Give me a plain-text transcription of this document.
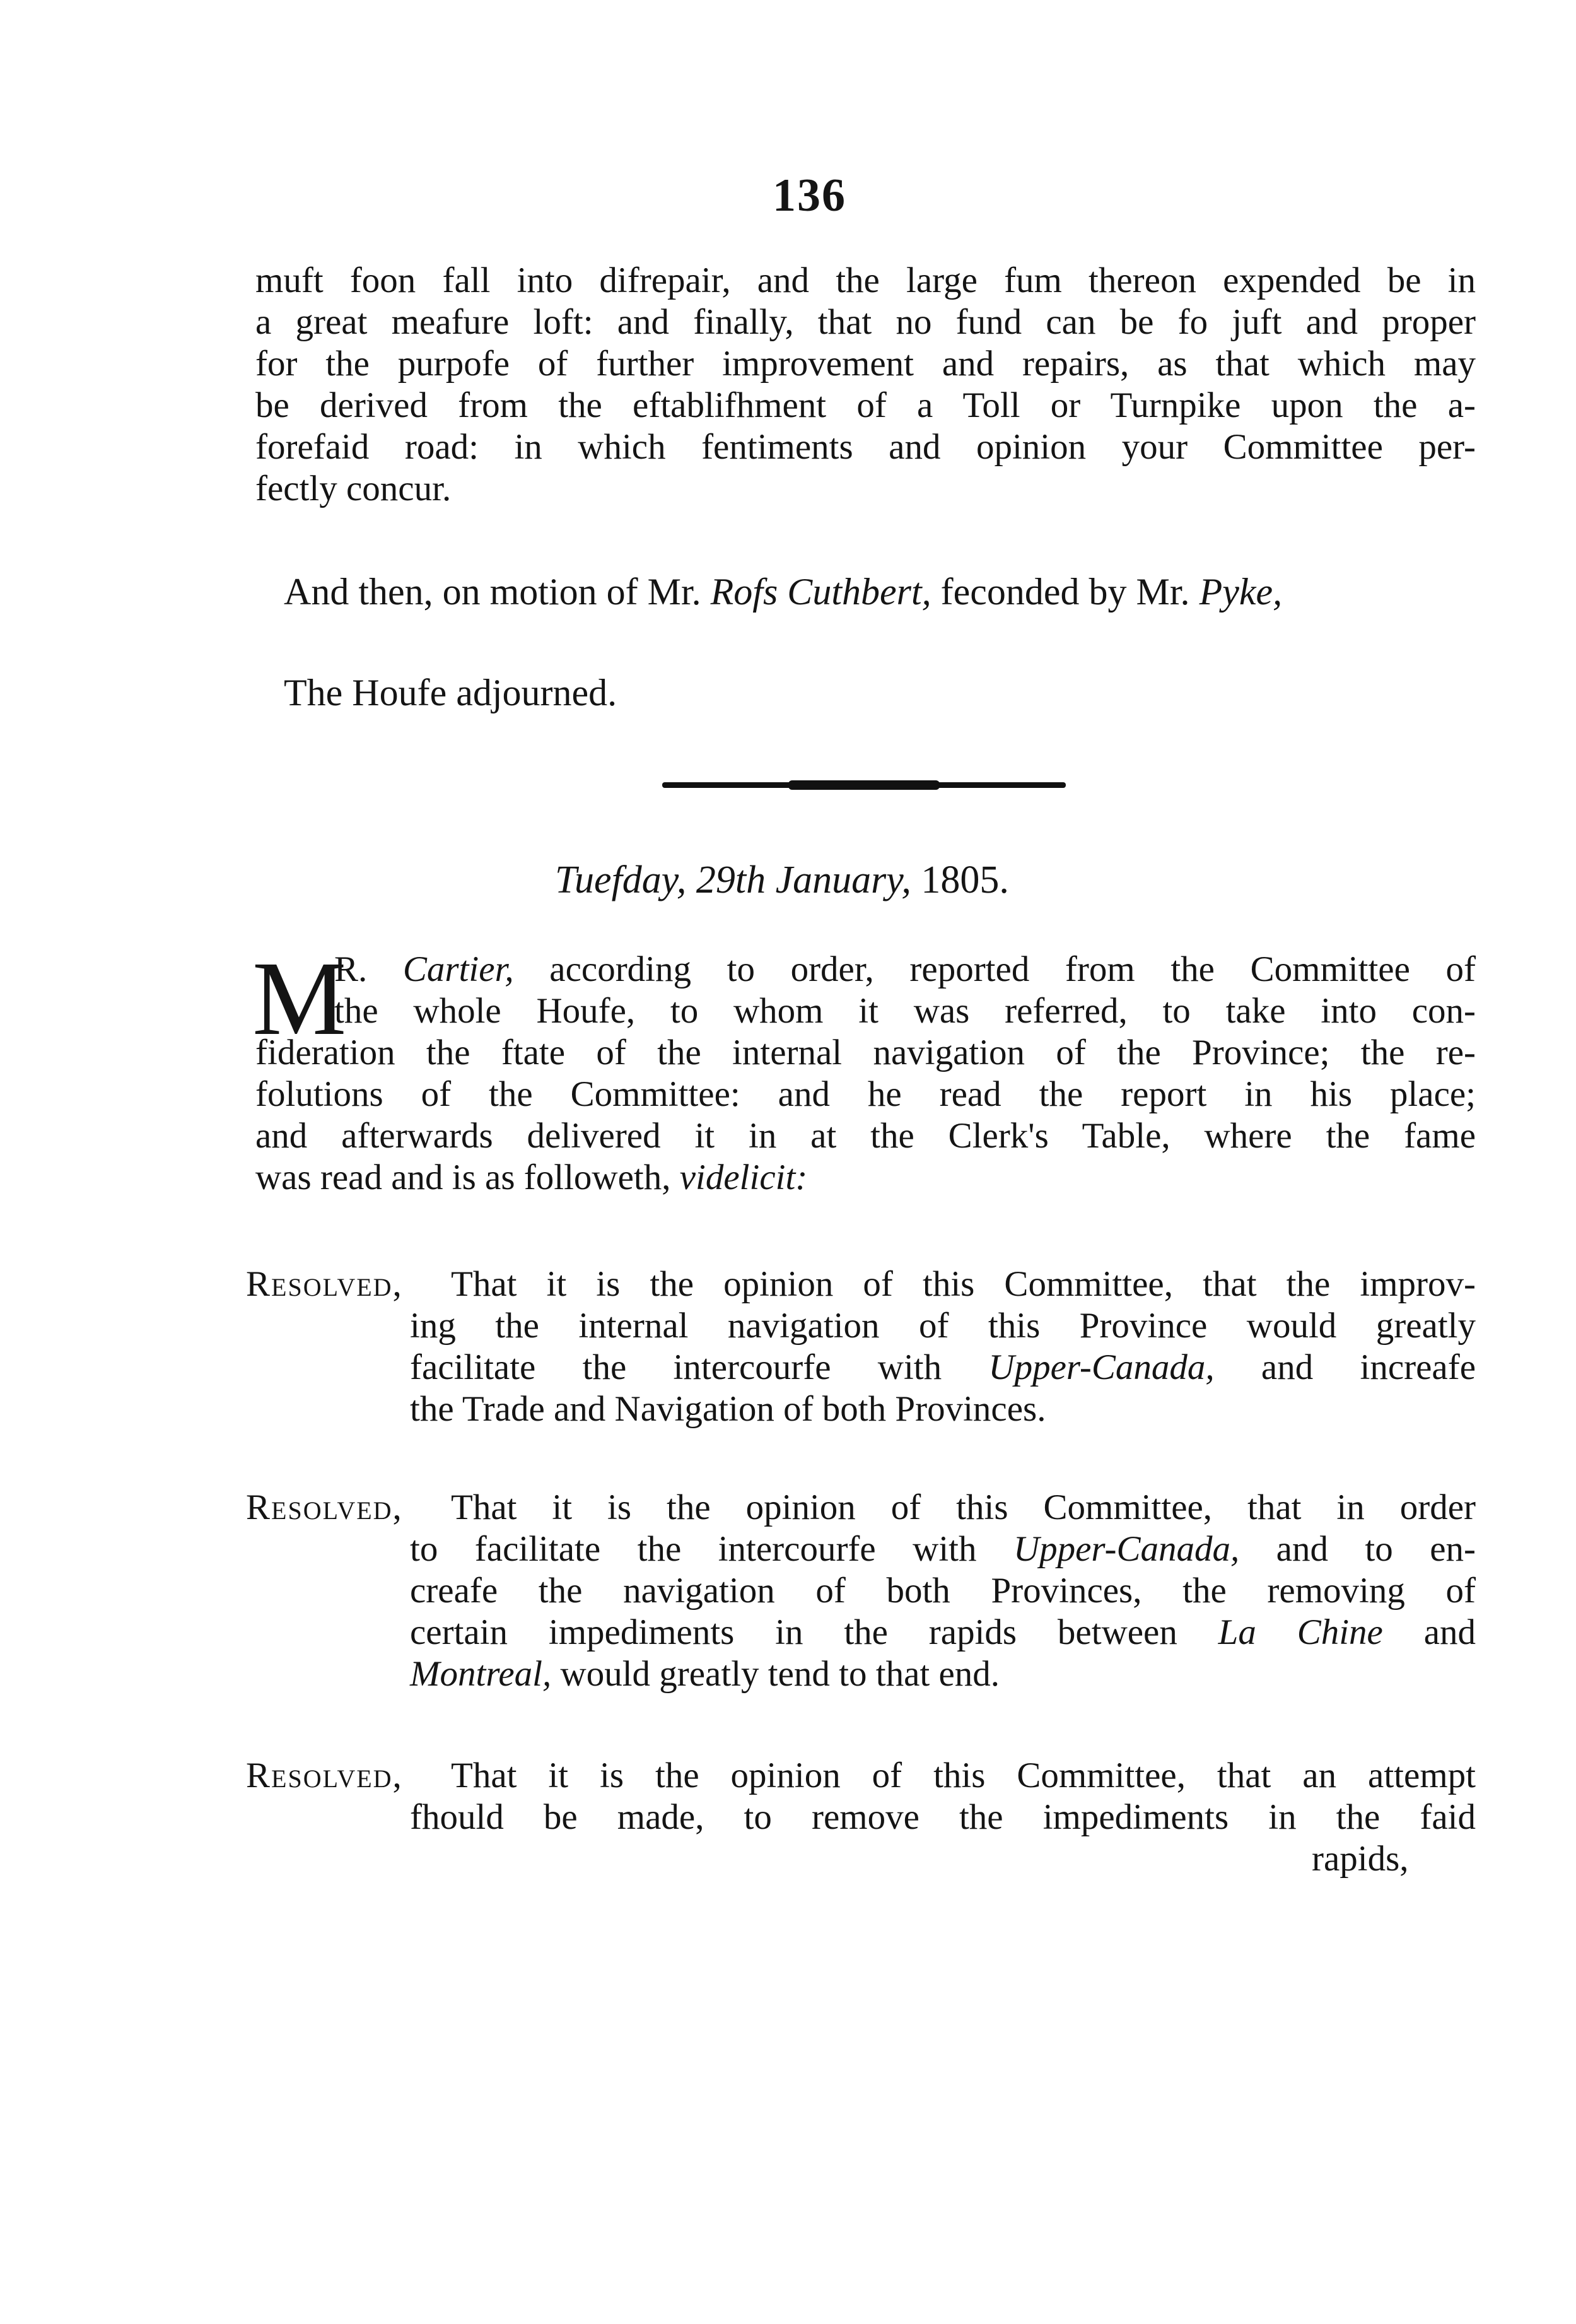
136
muft foon fall into difrepair, and the large fum thereon expended be in
a great meafure loft: and finally, that no fund can be fo juft and proper
for the purpofe of further improvement and repairs, as that which may
be derived from the eftablifhment of a Toll or Turnpike upon the a-
forefaid road: in which fentiments and opinion your Committee per-
fectly concur.
And then, on motion of Mr. Rofs Cuthbert, feconded by Mr. Pyke,
The Houfe adjourned.
Tuefday, 29th January, 1805.
M
R. Cartier, according to order, reported from the Committee of
the whole Houfe, to whom it was referred, to take into con-
fideration the ftate of the internal navigation of the Province; the re-
folutions of the Committee: and he read the report in his place;
and afterwards delivered it in at the Clerk's Table, where the fame
was read and is as followeth, videlicit:
Resolved, That it is the opinion of this Committee, that the improv-
ing the internal navigation of this Province would greatly
facilitate the intercourfe with Upper-Canada, and increafe
the Trade and Navigation of both Provinces.
Resolved, That it is the opinion of this Committee, that in order
to facilitate the intercourfe with Upper-Canada, and to en-
creafe the navigation of both Provinces, the removing of
certain impediments in the rapids between La Chine and
Montreal, would greatly tend to that end.
Resolved, That it is the opinion of this Committee, that an attempt
fhould be made, to remove the impediments in the faid
rapids,
